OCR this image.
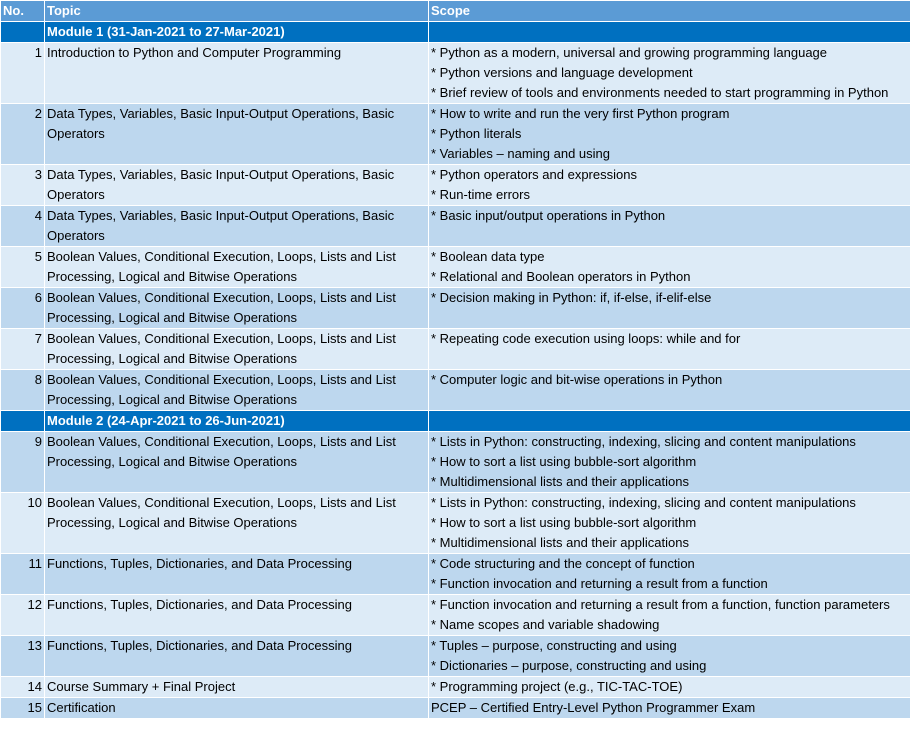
No.	Topic	Scope
	Module 1 (31-Jan-2021 to 27-Mar-2021)	
1	Introduction to Python and Computer Programming	* Python as a modern, universal and growing programming language
* Python versions and language development
* Brief review of tools and environments needed to start programming in Python

2	Data Types, Variables, Basic Input-Output Operations, Basic Operators	* How to write and run the very first Python program
* Python literals
* Variables – naming and using

3	Data Types, Variables, Basic Input-Output Operations, Basic Operators	* Python operators and expressions
* Run-time errors

4	Data Types, Variables, Basic Input-Output Operations, Basic Operators	* Basic input/output operations in Python

5	Boolean Values, Conditional Execution, Loops, Lists and List Processing, Logical and Bitwise Operations	* Boolean data type
* Relational and Boolean operators in Python

6	Boolean Values, Conditional Execution, Loops, Lists and List Processing, Logical and Bitwise Operations	* Decision making in Python: if, if-else, if-elif-else

7	Boolean Values, Conditional Execution, Loops, Lists and List Processing, Logical and Bitwise Operations	* Repeating code execution using loops: while and for

8	Boolean Values, Conditional Execution, Loops, Lists and List Processing, Logical and Bitwise Operations	* Computer logic and bit-wise operations in Python

	Module 2 (24-Apr-2021 to 26-Jun-2021)	
9	Boolean Values, Conditional Execution, Loops, Lists and List Processing, Logical and Bitwise Operations	* Lists in Python: constructing, indexing, slicing and content manipulations
* How to sort a list using bubble-sort algorithm
* Multidimensional lists and their applications

10	Boolean Values, Conditional Execution, Loops, Lists and List Processing, Logical and Bitwise Operations	* Lists in Python: constructing, indexing, slicing and content manipulations
* How to sort a list using bubble-sort algorithm
* Multidimensional lists and their applications

11	Functions, Tuples, Dictionaries, and Data Processing	* Code structuring and the concept of function
* Function invocation and returning a result from a function

12	Functions, Tuples, Dictionaries, and Data Processing	* Function invocation and returning a result from a function, function parameters
* Name scopes and variable shadowing

13	Functions, Tuples, Dictionaries, and Data Processing	* Tuples – purpose, constructing and using
* Dictionaries – purpose, constructing and using

14	Course Summary + Final Project	* Programming project (e.g., TIC-TAC-TOE)

15	Certification	PCEP – Certified Entry-Level Python Programmer Exam
